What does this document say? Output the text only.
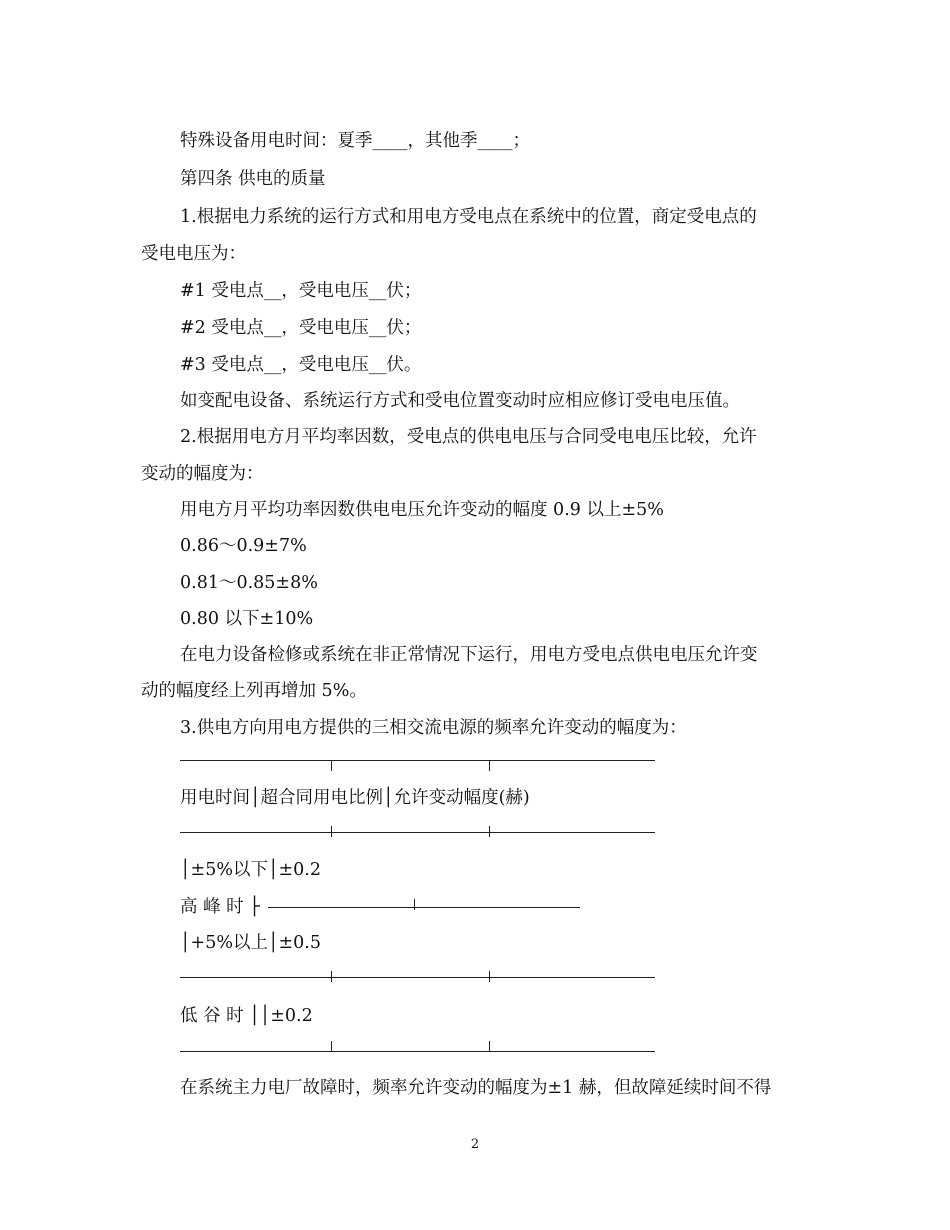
特殊设备用电时间：夏季____，其他季____；
第四条 供电的质量
1.根据电力系统的运行方式和用电方受电点在系统中的位置，商定受电点的
受电电压为：
#1 受电点__，受电电压__伏；
#2 受电点__，受电电压__伏；
#3 受电点__，受电电压__伏。
如变配电设备、系统运行方式和受电位置变动时应相应修订受电电压值。
2.根据用电方月平均率因数，受电点的供电电压与合同受电电压比较，允许
变动的幅度为：
用电方月平均功率因数供电电压允许变动的幅度 0.9 以上±5%
0.86～0.9±7%
0.81～0.85±8%
0.80 以下±10%
在电力设备检修或系统在非正常情况下运行，用电方受电点供电电压允许变
动的幅度经上列再增加 5%。
3.供电方向用电方提供的三相交流电源的频率允许变动的幅度为：
用电时间│超合同用电比例│允许变动幅度(赫)
│±5%以下│±0.2
高 峰 时 ├
│+5%以上│±0.5
低 谷 时 ││±0.2
在系统主力电厂故障时，频率允许变动的幅度为±1 赫，但故障延续时间不得
2
